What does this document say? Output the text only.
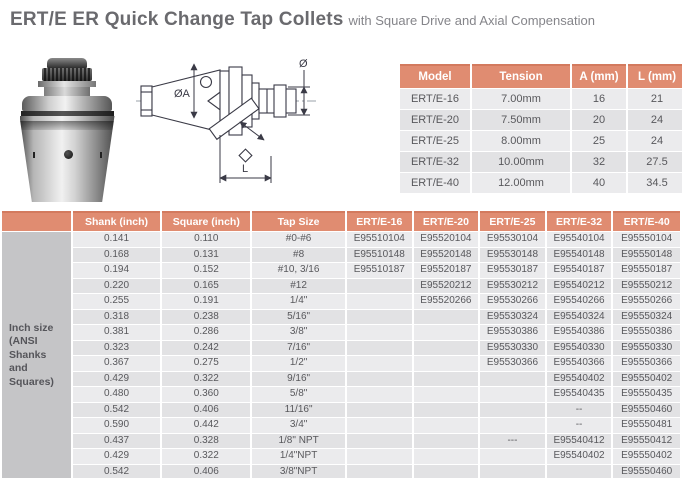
ERT/E ER Quick Change Tap Collets with Square Drive and Axial Compensation
ØA
Ø
L
Model	Tension	A (mm)	L (mm)
ERT/E-16	7.00mm	16	21
ERT/E-20	7.50mm	20	24
ERT/E-25	8.00mm	25	24
ERT/E-32	10.00mm	32	27.5
ERT/E-40	12.00mm	40	34.5
	Shank (inch)	Square (inch)	Tap Size	ERT/E-16	ERT/E-20	ERT/E-25	ERT/E-32	ERT/E-40
Inch size (ANSI Shanks and Squares)	0.141	0.110	#0-#6	E95510104	E95520104	E95530104	E95540104	E95550104
	0.168	0.131	#8	E95510148	E95520148	E95530148	E95540148	E95550148
	0.194	0.152	#10, 3/16	E95510187	E95520187	E95530187	E95540187	E95550187
	0.220	0.165	#12		E95520212	E95530212	E95540212	E95550212
	0.255	0.191	1/4"		E95520266	E95530266	E95540266	E95550266
	0.318	0.238	5/16"			E95530324	E95540324	E95550324
	0.381	0.286	3/8"			E95530386	E95540386	E95550386
	0.323	0.242	7/16"			E95530330	E95540330	E95550330
	0.367	0.275	1/2"			E95530366	E95540366	E95550366
	0.429	0.322	9/16"				E95540402	E95550402
	0.480	0.360	5/8"				E95540435	E95550435
	0.542	0.406	11/16"				--	E95550460
	0.590	0.442	3/4"				--	E95550481
	0.437	0.328	1/8" NPT			---	E95540412	E95550412
	0.429	0.322	1/4"NPT				E95540402	E95550402
	0.542	0.406	3/8"NPT					E95550460
